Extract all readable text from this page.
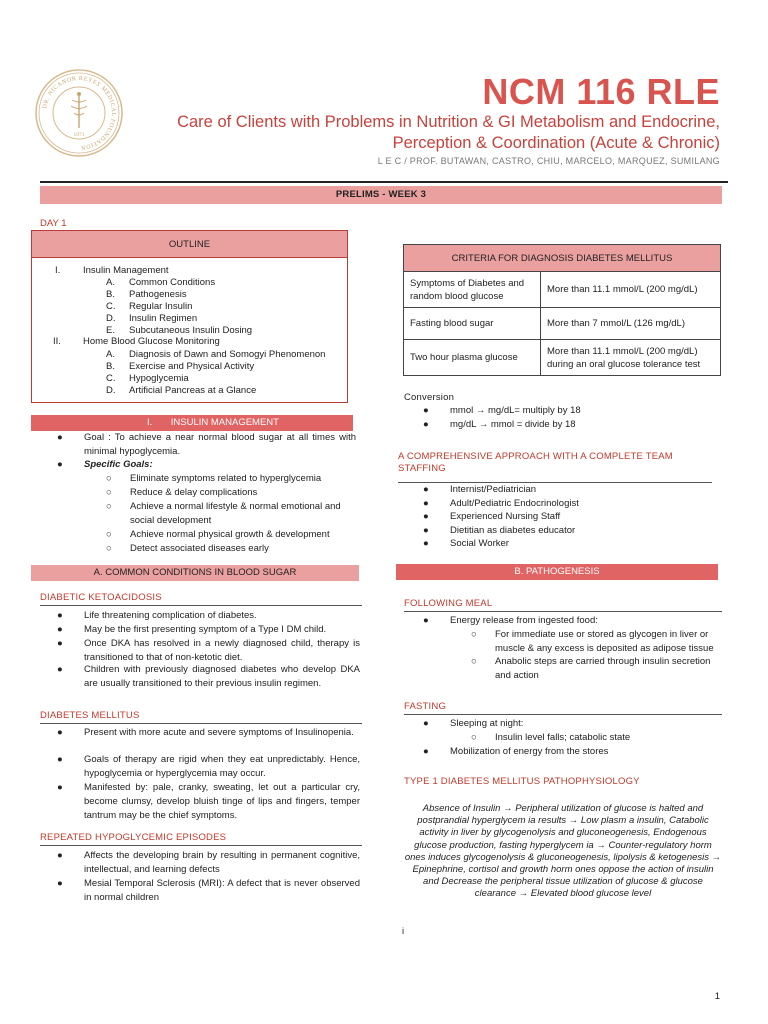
DR. NICANOR REYES MEDICAL FOUNDATION
1971
NCM 116 RLE
Care of Clients with Problems in Nutrition & GI Metabolism and Endocrine, Perception & Coordination (Acute & Chronic)
L E C / PROF. BUTAWAN, CASTRO, CHIU, MARCELO, MARQUEZ, SUMILANG
PRELIMS - WEEK 3
DAY 1
OUTLINE
I. Insulin Management
A. Common Conditions
B. Pathogenesis
C. Regular Insulin
D. Insulin Regimen
E. Subcutaneous Insulin Dosing
II. Home Blood Glucose Monitoring
A. Diagnosis of Dawn and Somogyi Phenomenon
B. Exercise and Physical Activity
C. Hypoglycemia
D. Artificial Pancreas at a Glance
I. INSULIN MANAGEMENT
● Goal : To achieve a near normal blood sugar at all times with minimal hypoglycemia.
● Specific Goals:
○ Eliminate symptoms related to hyperglycemia
○ Reduce & delay complications
○ Achieve a normal lifestyle & normal emotional and social development
○ Achieve normal physical growth & development
○ Detect associated diseases early
A. COMMON CONDITIONS IN BLOOD SUGAR
DIABETIC KETOACIDOSIS
● Life threatening complication of diabetes.
● May be the first presenting symptom of a Type I DM child.
● Once DKA has resolved in a newly diagnosed child, therapy is transitioned to that of non-ketotic diet.
● Children with previously diagnosed diabetes who develop DKA are usually transitioned to their previous insulin regimen.
DIABETES MELLITUS
● Present with more acute and severe symptoms of Insulinopenia.
● Goals of therapy are rigid when they eat unpredictably. Hence, hypoglycemia or hyperglycemia may occur.
● Manifested by: pale, cranky, sweating, let out a particular cry, become clumsy, develop bluish tinge of lips and fingers, temper tantrum may be the chief symptoms.
REPEATED HYPOGLYCEMIC EPISODES
● Affects the developing brain by resulting in permanent cognitive, intellectual, and learning defects
● Mesial Temporal Sclerosis (MRI): A defect that is never observed in normal children
CRITERIA FOR DIAGNOSIS DIABETES MELLITUS	
Symptoms of Diabetes and random blood glucose	More than 11.1 mmol/L (200 mg/dL)
Fasting blood sugar	More than 7 mmol/L (126 mg/dL)
Two hour plasma glucose	More than 11.1 mmol/L (200 mg/dL) during an oral glucose tolerance test
Conversion
● mmol → mg/dL= multiply by 18
● mg/dL → mmol = divide by 18
A COMPREHENSIVE APPROACH WITH A COMPLETE TEAM STAFFING
● Internist/Pediatrician
● Adult/Pediatric Endocrinologist
● Experienced Nursing Staff
● Dietitian as diabetes educator
● Social Worker
B. PATHOGENESIS
FOLLOWING MEAL
● Energy release from ingested food:
○ For immediate use or stored as glycogen in liver or muscle & any excess is deposited as adipose tissue
○ Anabolic steps are carried through insulin secretion and action
FASTING
● Sleeping at night:
○ Insulin level falls; catabolic state
● Mobilization of energy from the stores
TYPE 1 DIABETES MELLITUS PATHOPHYSIOLOGY
Absence of Insulin → Peripheral utilization of glucose is halted and postprandial hyperglycem ia results → Low plasm a insulin, Catabolic activity in liver by glycogenolysis and gluconeogenesis, Endogenous glucose production, fasting hyperglycem ia → Counter-regulatory horm ones induces glycogenolysis & gluconeogenesis, lipolysis & ketogenesis → Epinephrine, cortisol and growth horm ones oppose the action of insulin and Decrease the peripheral tissue utilization of glucose & glucose clearance → Elevated blood glucose level
i
1
